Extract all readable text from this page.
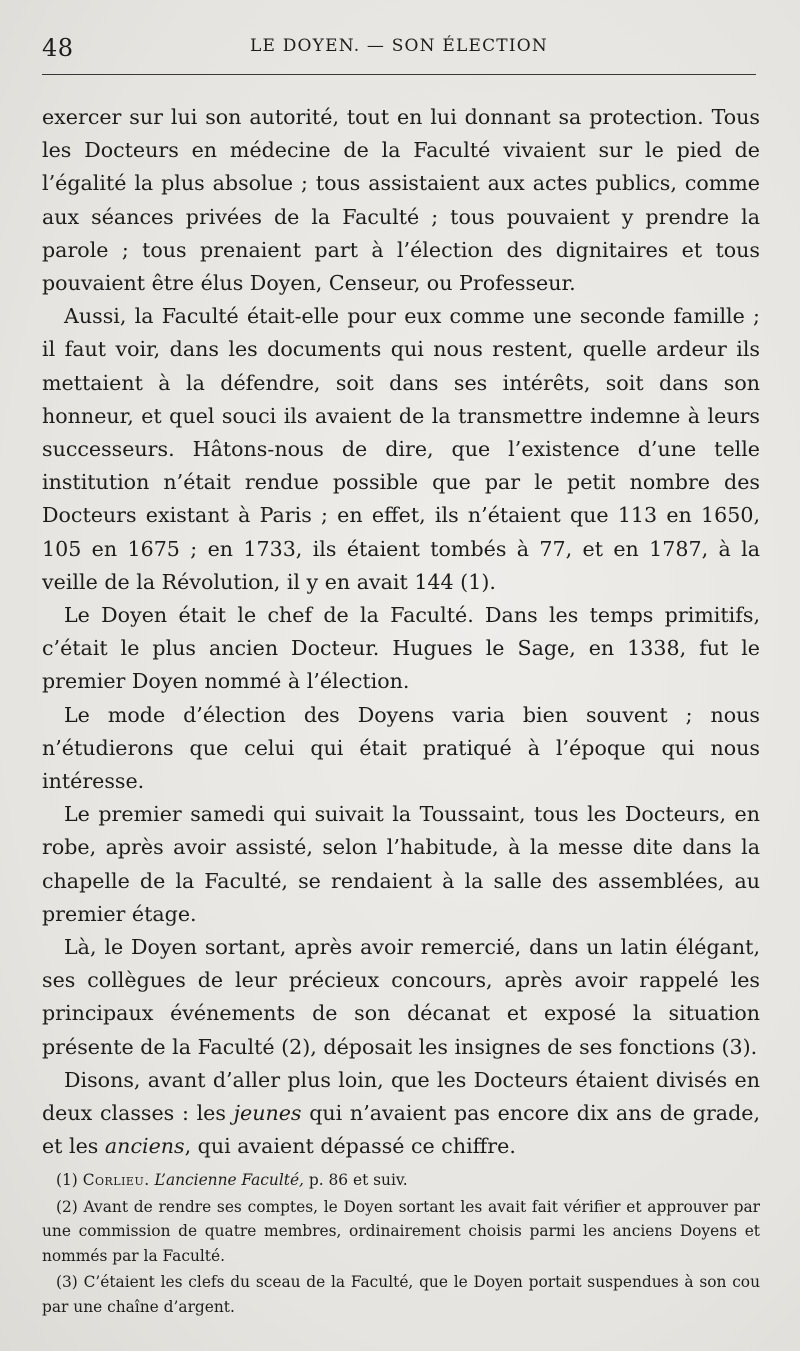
48	LE DOYEN. — SON ÉLECTION

exercer sur lui son autorité, tout en lui donnant sa protection. Tous les Docteurs en médecine de la Faculté vivaient sur le pied de l’égalité la plus absolue ; tous assistaient aux actes publics, comme aux séances privées de la Faculté ; tous pouvaient y prendre la parole ; tous prenaient part à l’élection des dignitaires et tous pouvaient être élus Doyen, Censeur, ou Professeur.

Aussi, la Faculté était-elle pour eux comme une seconde famille ; il faut voir, dans les documents qui nous restent, quelle ardeur ils mettaient à la défendre, soit dans ses intérêts, soit dans son honneur, et quel souci ils avaient de la transmettre indemne à leurs successeurs. Hâtons-nous de dire, que l’existence d’une telle institution n’était rendue possible que par le petit nombre des Docteurs existant à Paris ; en effet, ils n’étaient que 113 en 1650, 105 en 1675 ; en 1733, ils étaient tombés à 77, et en 1787, à la veille de la Révolution, il y en avait 144 (1).

Le Doyen était le chef de la Faculté. Dans les temps primitifs, c’était le plus ancien Docteur. Hugues le Sage, en 1338, fut le premier Doyen nommé à l’élection.

Le mode d’élection des Doyens varia bien souvent ; nous n’étudierons que celui qui était pratiqué à l’époque qui nous intéresse.

Le premier samedi qui suivait la Toussaint, tous les Docteurs, en robe, après avoir assisté, selon l’habitude, à la messe dite dans la chapelle de la Faculté, se rendaient à la salle des assemblées, au premier étage.

Là, le Doyen sortant, après avoir remercié, dans un latin élégant, ses collègues de leur précieux concours, après avoir rappelé les principaux événements de son décanat et exposé la situation présente de la Faculté (2), déposait les insignes de ses fonctions (3).

Disons, avant d’aller plus loin, que les Docteurs étaient divisés en deux classes : les jeunes qui n’avaient pas encore dix ans de grade, et les anciens, qui avaient dépassé ce chiffre.

(1) Corlieu. L’ancienne Faculté, p. 86 et suiv.

(2) Avant de rendre ses comptes, le Doyen sortant les avait fait vérifier et approuver par une commission de quatre membres, ordinairement choisis parmi les anciens Doyens et nommés par la Faculté.

(3) C’étaient les clefs du sceau de la Faculté, que le Doyen portait suspendues à son cou par une chaîne d’argent.
